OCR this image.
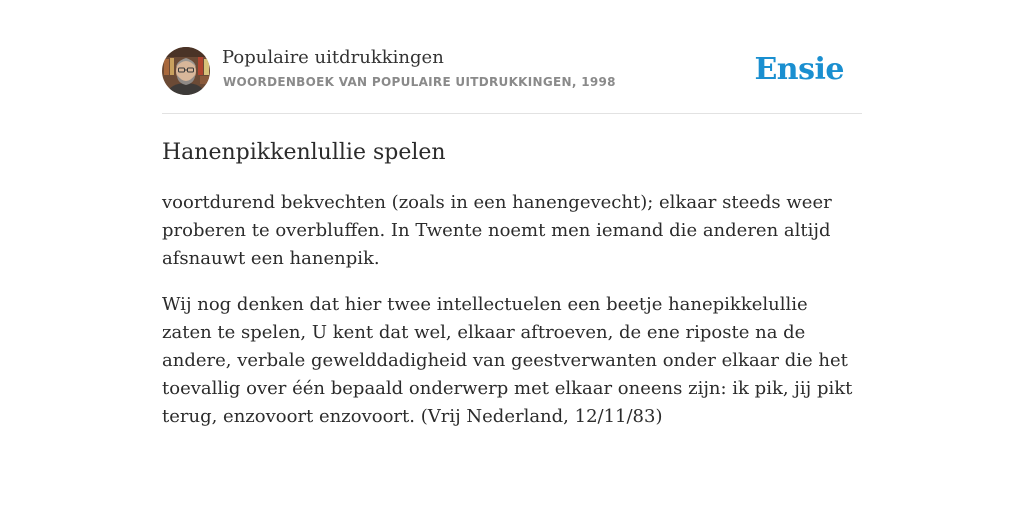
Populaire uitdrukkingen
WOORDENBOEK VAN POPULAIRE UITDRUKKINGEN, 1998	Ensie
Hanenpikkenlullie spelen

voortdurend bekvechten (zoals in een hanengevecht); elkaar steeds weer proberen te overbluffen. In Twente noemt men iemand die anderen altijd afsnauwt een hanenpik.

Wij nog denken dat hier twee intellectuelen een beetje hanepikkelullie zaten te spelen, U kent dat wel, elkaar aftroeven, de ene riposte na de andere, verbale gewelddadigheid van geestverwanten onder elkaar die het toevallig over één bepaald onderwerp met elkaar oneens zijn: ik pik, jij pikt terug, enzovoort enzovoort. (Vrij Nederland, 12/11/83)
